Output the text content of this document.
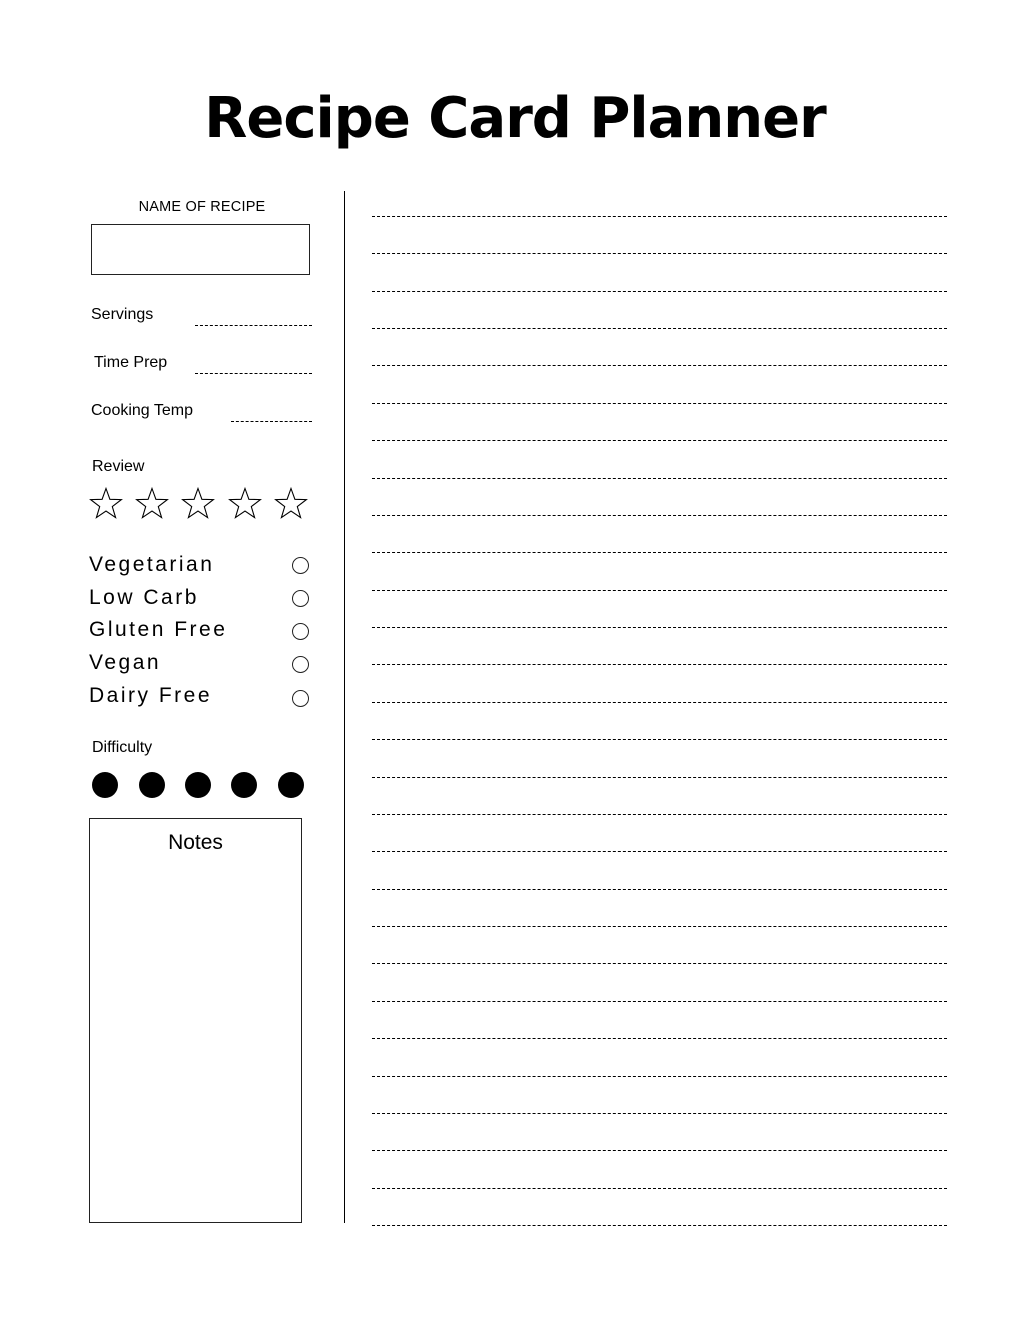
Recipe Card Planner
NAME OF RECIPE
Servings
Time Prep
Cooking Temp
Review
Vegetarian
Low Carb
Gluten Free
Vegan
Dairy Free
Difficulty
Notes
